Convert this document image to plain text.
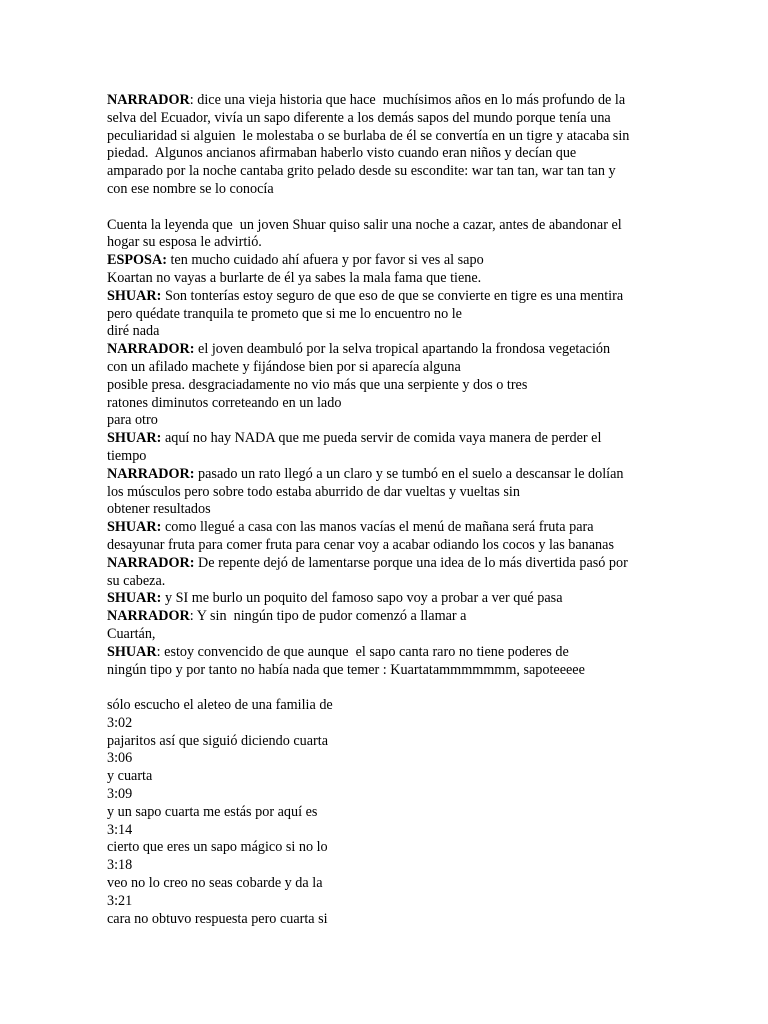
NARRADOR: dice una vieja historia que hace  muchísimos años en lo más profundo de la
selva del Ecuador, vivía un sapo diferente a los demás sapos del mundo porque tenía una
peculiaridad si alguien  le molestaba o se burlaba de él se convertía en un tigre y atacaba sin
piedad.  Algunos ancianos afirmaban haberlo visto cuando eran niños y decían que
amparado por la noche cantaba grito pelado desde su escondite: war tan tan, war tan tan y
con ese nombre se lo conocía
Cuenta la leyenda que  un joven Shuar quiso salir una noche a cazar, antes de abandonar el
hogar su esposa le advirtió.
ESPOSA: ten mucho cuidado ahí afuera y por favor si ves al sapo
Koartan no vayas a burlarte de él ya sabes la mala fama que tiene.
SHUAR: Son tonterías estoy seguro de que eso de que se convierte en tigre es una mentira
pero quédate tranquila te prometo que si me lo encuentro no le
diré nada
NARRADOR: el joven deambuló por la selva tropical apartando la frondosa vegetación
con un afilado machete y fijándose bien por si aparecía alguna
posible presa. desgraciadamente no vio más que una serpiente y dos o tres
ratones diminutos correteando en un lado
para otro
SHUAR: aquí no hay NADA que me pueda servir de comida vaya manera de perder el
tiempo
NARRADOR: pasado un rato llegó a un claro y se tumbó en el suelo a descansar le dolían
los músculos pero sobre todo estaba aburrido de dar vueltas y vueltas sin
obtener resultados
SHUAR: como llegué a casa con las manos vacías el menú de mañana será fruta para
desayunar fruta para comer fruta para cenar voy a acabar odiando los cocos y las bananas
NARRADOR: De repente dejó de lamentarse porque una idea de lo más divertida pasó por
su cabeza.
SHUAR: y SI me burlo un poquito del famoso sapo voy a probar a ver qué pasa
NARRADOR: Y sin  ningún tipo de pudor comenzó a llamar a
Cuartán,
SHUAR: estoy convencido de que aunque  el sapo canta raro no tiene poderes de
ningún tipo y por tanto no había nada que temer : Kuartatammmmmmm, sapoteeeee
sólo escucho el aleteo de una familia de
3:02
pajaritos así que siguió diciendo cuarta
3:06
y cuarta
3:09
y un sapo cuarta me estás por aquí es
3:14
cierto que eres un sapo mágico si no lo
3:18
veo no lo creo no seas cobarde y da la
3:21
cara no obtuvo respuesta pero cuarta si
